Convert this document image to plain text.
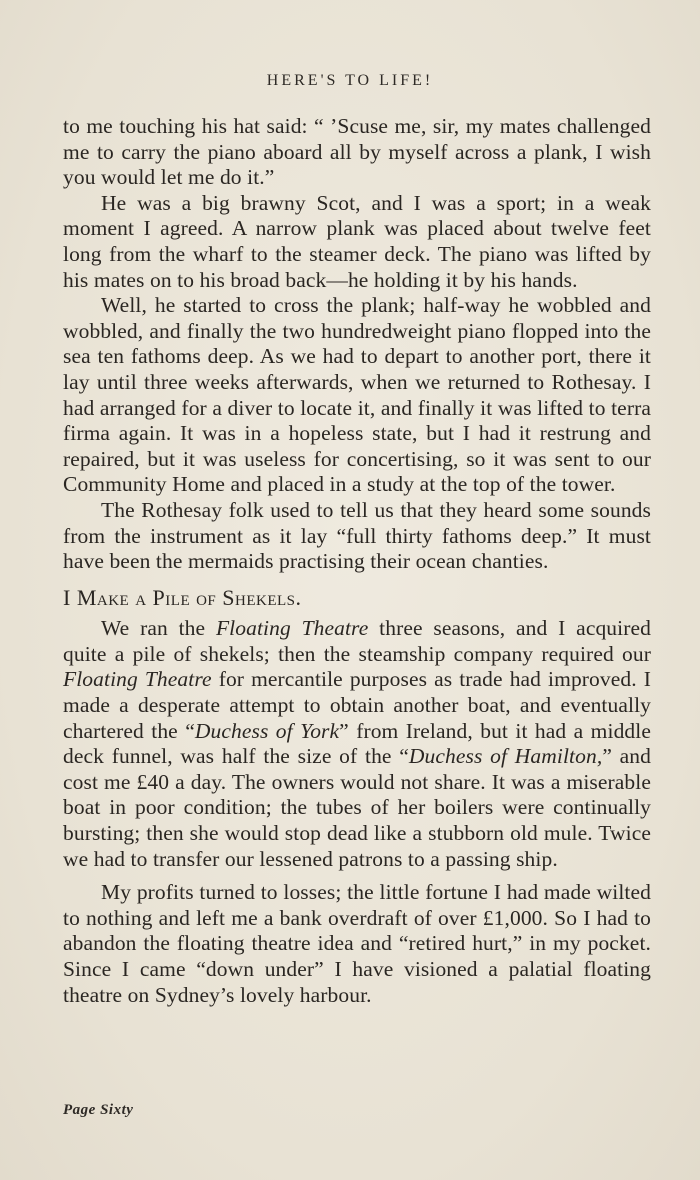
HERE'S TO LIFE!

to me touching his hat said: “ ’Scuse me, sir, my mates challenged me to carry the piano aboard all by myself across a plank, I wish you would let me do it.”

He was a big brawny Scot, and I was a sport; in a weak moment I agreed. A narrow plank was placed about twelve feet long from the wharf to the steamer deck. The piano was lifted by his mates on to his broad back—he holding it by his hands.

Well, he started to cross the plank; half-way he wobbled and wobbled, and finally the two hundredweight piano flopped into the sea ten fathoms deep. As we had to depart to another port, there it lay until three weeks afterwards, when we returned to Rothesay. I had arranged for a diver to locate it, and finally it was lifted to terra firma again. It was in a hopeless state, but I had it restrung and repaired, but it was useless for concertising, so it was sent to our Community Home and placed in a study at the top of the tower.

The Rothesay folk used to tell us that they heard some sounds from the instrument as it lay “full thirty fathoms deep.” It must have been the mermaids practising their ocean chanties.

I Make a Pile of Shekels.

We ran the Floating Theatre three seasons, and I acquired quite a pile of shekels; then the steamship company required our Floating Theatre for mercantile purposes as trade had improved. I made a desperate attempt to obtain another boat, and eventually chartered the “Duchess of York” from Ireland, but it had a middle deck funnel, was half the size of the “Duchess of Hamilton,” and cost me £40 a day. The owners would not share. It was a miserable boat in poor condition; the tubes of her boilers were continually bursting; then she would stop dead like a stubborn old mule. Twice we had to transfer our lessened patrons to a passing ship.

My profits turned to losses; the little fortune I had made wilted to nothing and left me a bank overdraft of over £1,000. So I had to abandon the floating theatre idea and “retired hurt,” in my pocket. Since I came “down under” I have visioned a palatial floating theatre on Sydney’s lovely harbour.

Page Sixty
